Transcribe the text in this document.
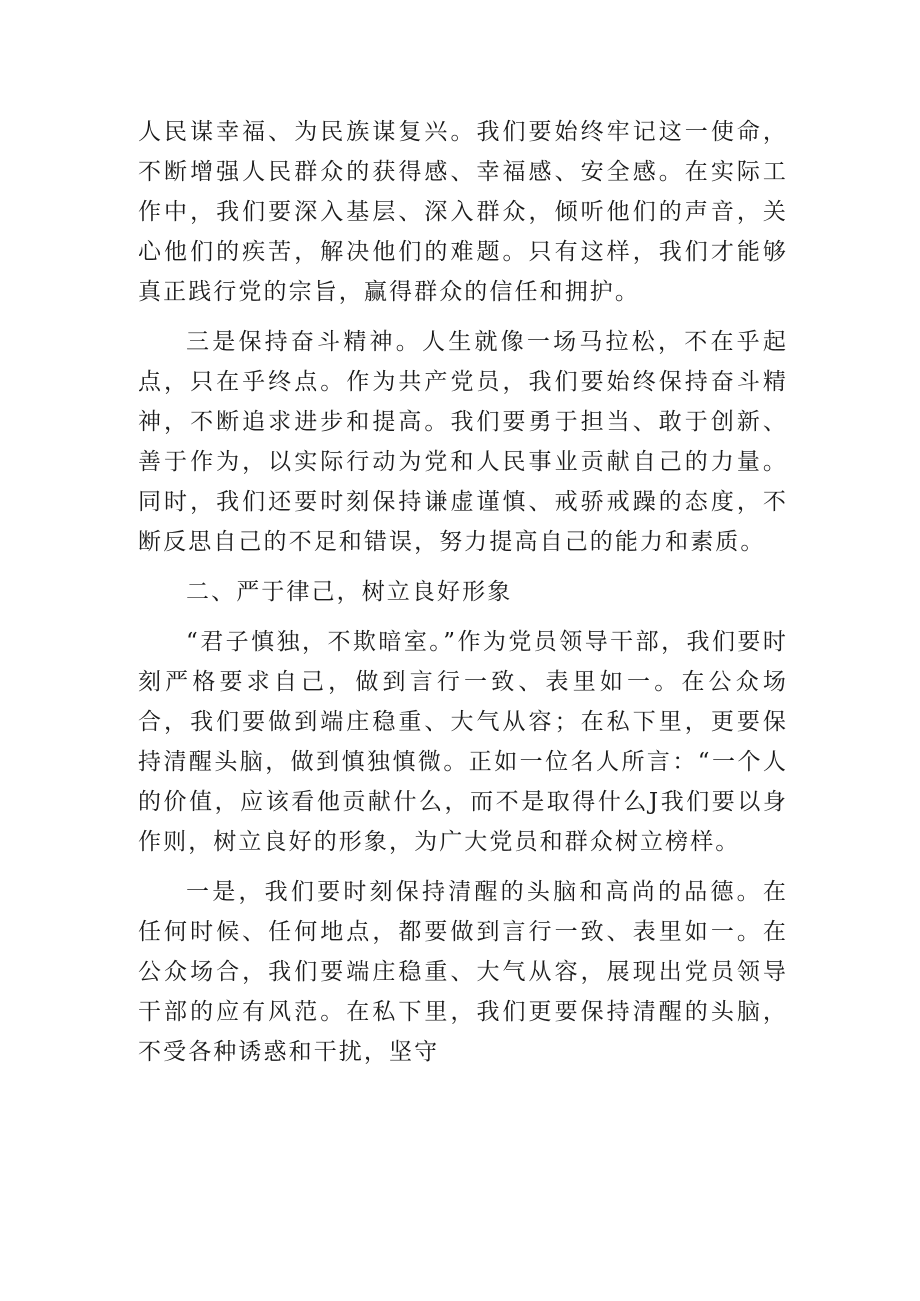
人民谋幸福、为民族谋复兴。我们要始终牢记这一使命，不断增强人民群众的获得感、幸福感、安全感。在实际工作中，我们要深入基层、深入群众，倾听他们的声音，关心他们的疾苦，解决他们的难题。只有这样，我们才能够真正践行党的宗旨，赢得群众的信任和拥护。

三是保持奋斗精神。人生就像一场马拉松，不在乎起点，只在乎终点。作为共产党员，我们要始终保持奋斗精神，不断追求进步和提高。我们要勇于担当、敢于创新、善于作为，以实际行动为党和人民事业贡献自己的力量。同时，我们还要时刻保持谦虚谨慎、戒骄戒躁的态度，不断反思自己的不足和错误，努力提高自己的能力和素质。

二、严于律己，树立良好形象

“君子慎独，不欺暗室。”作为党员领导干部，我们要时刻严格要求自己，做到言行一致、表里如一。在公众场合，我们要做到端庄稳重、大气从容；在私下里，更要保持清醒头脑，做到慎独慎微。正如一位名人所言：“一个人的价值，应该看他贡献什么，而不是取得什么J我们要以身作则，树立良好的形象，为广大党员和群众树立榜样。

一是，我们要时刻保持清醒的头脑和高尚的品德。在任何时候、任何地点，都要做到言行一致、表里如一。在公众场合，我们要端庄稳重、大气从容，展现出党员领导干部的应有风范。在私下里，我们更要保持清醒的头脑，不受各种诱惑和干扰，坚守
